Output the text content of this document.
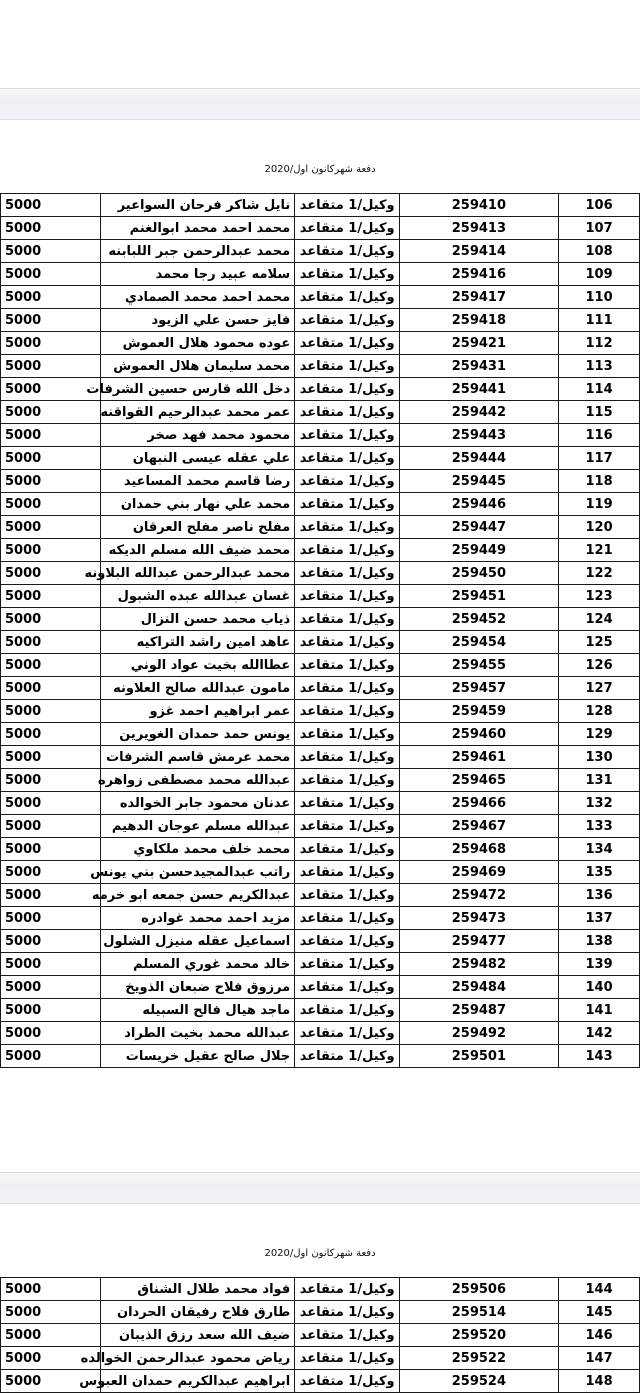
دفعة شهركانون اول/2020
5000	نايل شاكر فرحان السواعير	وكيل/1 متقاعد	259410	106
5000	محمد احمد محمد ابوالغنم	وكيل/1 متقاعد	259413	107
5000	محمد عبدالرحمن جبر اللبابنه	وكيل/1 متقاعد	259414	108
5000	سلامه عبيد رجا محمد	وكيل/1 متقاعد	259416	109
5000	محمد احمد محمد الصمادي	وكيل/1 متقاعد	259417	110
5000	فايز حسن علي الزيود	وكيل/1 متقاعد	259418	111
5000	عوده محمود هلال العموش	وكيل/1 متقاعد	259421	112
5000	محمد سليمان هلال العموش	وكيل/1 متقاعد	259431	113
5000	دخل الله قارس حسين الشرفات	وكيل/1 متقاعد	259441	114
5000	عمر محمد عبدالرحيم القواقنه	وكيل/1 متقاعد	259442	115
5000	محمود محمد فهد صخر	وكيل/1 متقاعد	259443	116
5000	علي عقله عيسى النبهان	وكيل/1 متقاعد	259444	117
5000	رضا قاسم محمد المساعيد	وكيل/1 متقاعد	259445	118
5000	محمد علي نهار بني حمدان	وكيل/1 متقاعد	259446	119
5000	مفلح ناصر مفلح العرقان	وكيل/1 متقاعد	259447	120
5000	محمد ضيف الله مسلم الديكه	وكيل/1 متقاعد	259449	121
5000	محمد عبدالرحمن عبدالله البلاونه	وكيل/1 متقاعد	259450	122
5000	غسان عبدالله عبده الشبول	وكيل/1 متقاعد	259451	123
5000	ذياب محمد حسن النزال	وكيل/1 متقاعد	259452	124
5000	عاهد امين راشد التراكيه	وكيل/1 متقاعد	259454	125
5000	عطاالله بخيت عواد الوني	وكيل/1 متقاعد	259455	126
5000	مامون عبدالله صالح العلاونه	وكيل/1 متقاعد	259457	127
5000	عمر ابراهيم احمد غزو	وكيل/1 متقاعد	259459	128
5000	يونس حمد حمدان الغويرين	وكيل/1 متقاعد	259460	129
5000	محمد عرمش قاسم الشرفات	وكيل/1 متقاعد	259461	130
5000	عبدالله محمد مصطفى زواهره	وكيل/1 متقاعد	259465	131
5000	عدنان محمود جابر الخوالده	وكيل/1 متقاعد	259466	132
5000	عبدالله مسلم عوجان الدهيم	وكيل/1 متقاعد	259467	133
5000	محمد خلف محمد ملكاوي	وكيل/1 متقاعد	259468	134
5000	راتب عبدالمجيدحسن بني يونس	وكيل/1 متقاعد	259469	135
5000	عبدالكريم حسن جمعه ابو خرمه	وكيل/1 متقاعد	259472	136
5000	مزيد احمد محمد غوادره	وكيل/1 متقاعد	259473	137
5000	اسماعيل عقله منيزل الشلول	وكيل/1 متقاعد	259477	138
5000	خالد محمد غوري المسلم	وكيل/1 متقاعد	259482	139
5000	مرزوق فلاح ضبعان الذويخ	وكيل/1 متقاعد	259484	140
5000	ماجد هيال فالح السبيله	وكيل/1 متقاعد	259487	141
5000	عبدالله محمد بخيت الطراد	وكيل/1 متقاعد	259492	142
5000	جلال صالح عقيل خريسات	وكيل/1 متقاعد	259501	143
دفعة شهركانون اول/2020
5000	فواد محمد طلال الشناق	وكيل/1 متقاعد	259506	144
5000	طارق فلاح رفيقان الحردان	وكيل/1 متقاعد	259514	145
5000	ضيف الله سعد رزق الذيبان	وكيل/1 متقاعد	259520	146
5000	رياض محمود عبدالرحمن الخوالده	وكيل/1 متقاعد	259522	147
5000	ابراهيم عبدالكريم حمدان العبوس	وكيل/1 متقاعد	259524	148
